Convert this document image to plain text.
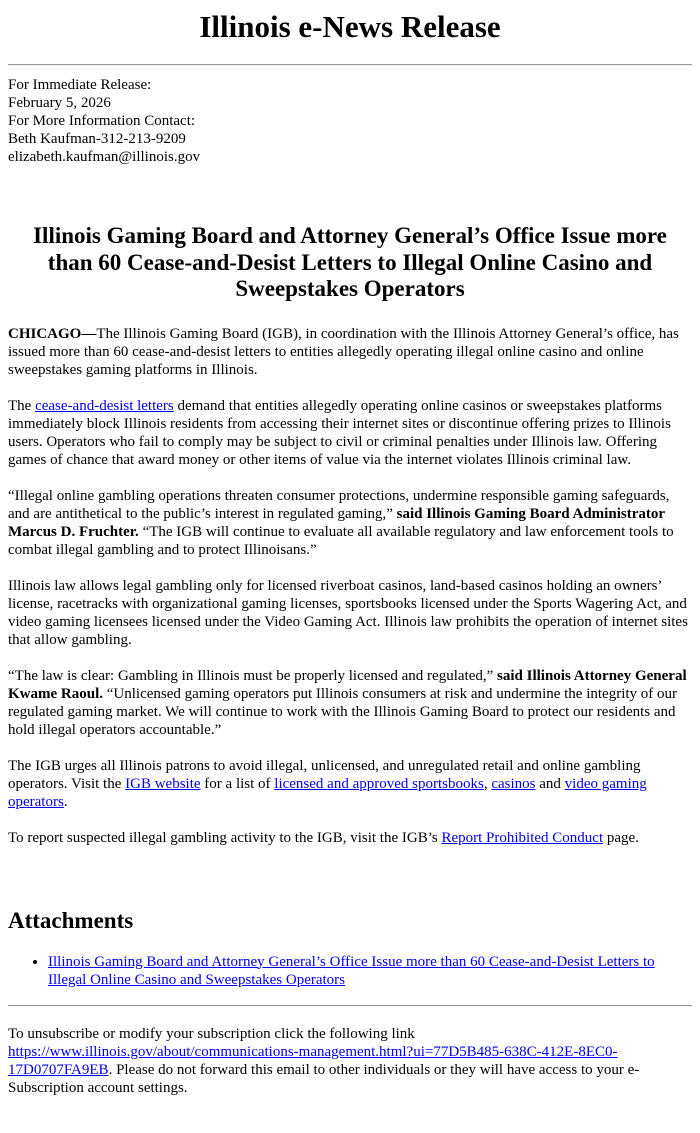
Illinois e-News Release
For Immediate Release:
February 5, 2026
For More Information Contact:
Beth Kaufman-312-213-9209
elizabeth.kaufman@illinois.gov
Illinois Gaming Board and Attorney General’s Office Issue more than 60 Cease-and-Desist Letters to Illegal Online Casino and Sweepstakes Operators

CHICAGO—The Illinois Gaming Board (IGB), in coordination with the Illinois Attorney General’s office, has issued more than 60 cease-and-desist letters to entities allegedly operating illegal online casino and online sweepstakes gaming platforms in Illinois.

The cease-and-desist letters demand that entities allegedly operating online casinos or sweepstakes platforms immediately block Illinois residents from accessing their internet sites or discontinue offering prizes to Illinois users. Operators who fail to comply may be subject to civil or criminal penalties under Illinois law. Offering games of chance that award money or other items of value via the internet violates Illinois criminal law.

“Illegal online gambling operations threaten consumer protections, undermine responsible gaming safeguards, and are antithetical to the public’s interest in regulated gaming,” said Illinois Gaming Board Administrator Marcus D. Fruchter. “The IGB will continue to evaluate all available regulatory and law enforcement tools to combat illegal gambling and to protect Illinoisans.”

Illinois law allows legal gambling only for licensed riverboat casinos, land-based casinos holding an owners’ license, racetracks with organizational gaming licenses, sportsbooks licensed under the Sports Wagering Act, and video gaming licensees licensed under the Video Gaming Act. Illinois law prohibits the operation of internet sites that allow gambling.

“The law is clear: Gambling in Illinois must be properly licensed and regulated,” said Illinois Attorney General Kwame Raoul. “Unlicensed gaming operators put Illinois consumers at risk and undermine the integrity of our regulated gaming market. We will continue to work with the Illinois Gaming Board to protect our residents and hold illegal operators accountable.”

The IGB urges all Illinois patrons to avoid illegal, unlicensed, and unregulated retail and online gambling operators. Visit the IGB website for a list of licensed and approved sportsbooks, casinos and video gaming operators.

To report suspected illegal gambling activity to the IGB, visit the IGB’s Report Prohibited Conduct page.

Attachments
• Illinois Gaming Board and Attorney General’s Office Issue more than 60 Cease-and-Desist Letters to Illegal Online Casino and Sweepstakes Operators

To unsubscribe or modify your subscription click the following link
https://www.illinois.gov/about/communications-management.html?ui=77D5B485-638C-412E-8EC0-17D0707FA9EB. Please do not forward this email to other individuals or they will have access to your e-Subscription account settings.
